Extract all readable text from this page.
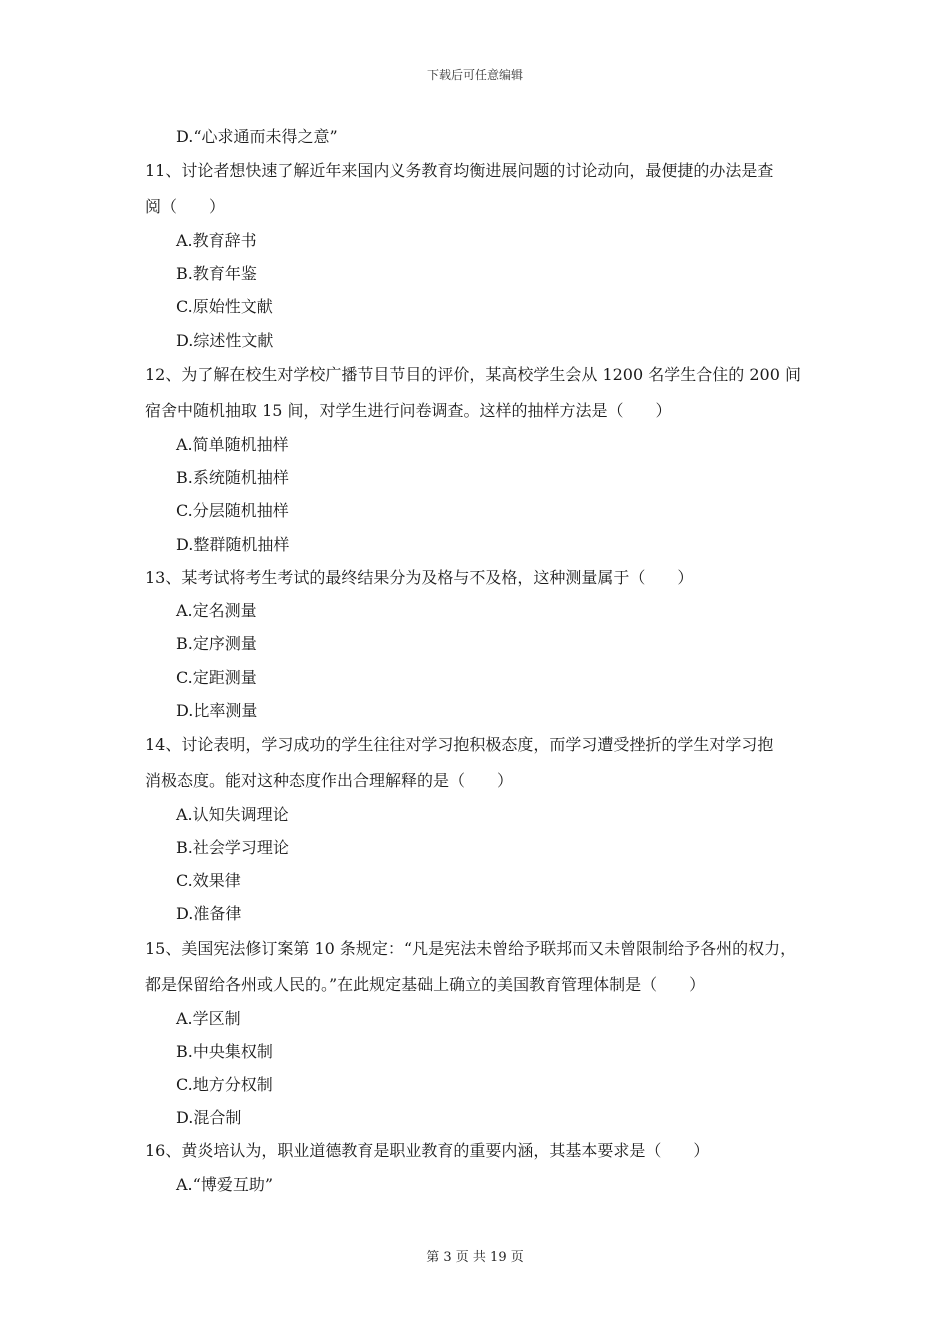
下载后可任意编辑
D.“心求通而未得之意”
11、讨论者想快速了解近年来国内义务教育均衡进展问题的讨论动向，最便捷的办法是查
阅（　　）
A.教育辞书
B.教育年鉴
C.原始性文献
D.综述性文献
12、为了解在校生对学校广播节目节目的评价，某高校学生会从 1200 名学生合住的 200 间
宿舍中随机抽取 15 间，对学生进行问卷调查。这样的抽样方法是（　　）
A.简单随机抽样
B.系统随机抽样
C.分层随机抽样
D.整群随机抽样
13、某考试将考生考试的最终结果分为及格与不及格，这种测量属于（　　）
A.定名测量
B.定序测量
C.定距测量
D.比率测量
14、讨论表明，学习成功的学生往往对学习抱积极态度，而学习遭受挫折的学生对学习抱
消极态度。能对这种态度作出合理解释的是（　　）
A.认知失调理论
B.社会学习理论
C.效果律
D.准备律
15、美国宪法修订案第 10 条规定：“凡是宪法未曾给予联邦而又未曾限制给予各州的权力，
都是保留给各州或人民的。”在此规定基础上确立的美国教育管理体制是（　　）
A.学区制
B.中央集权制
C.地方分权制
D.混合制
16、黄炎培认为，职业道德教育是职业教育的重要内涵，其基本要求是（　　）
A.“博爱互助”
第 3 页 共 19 页
